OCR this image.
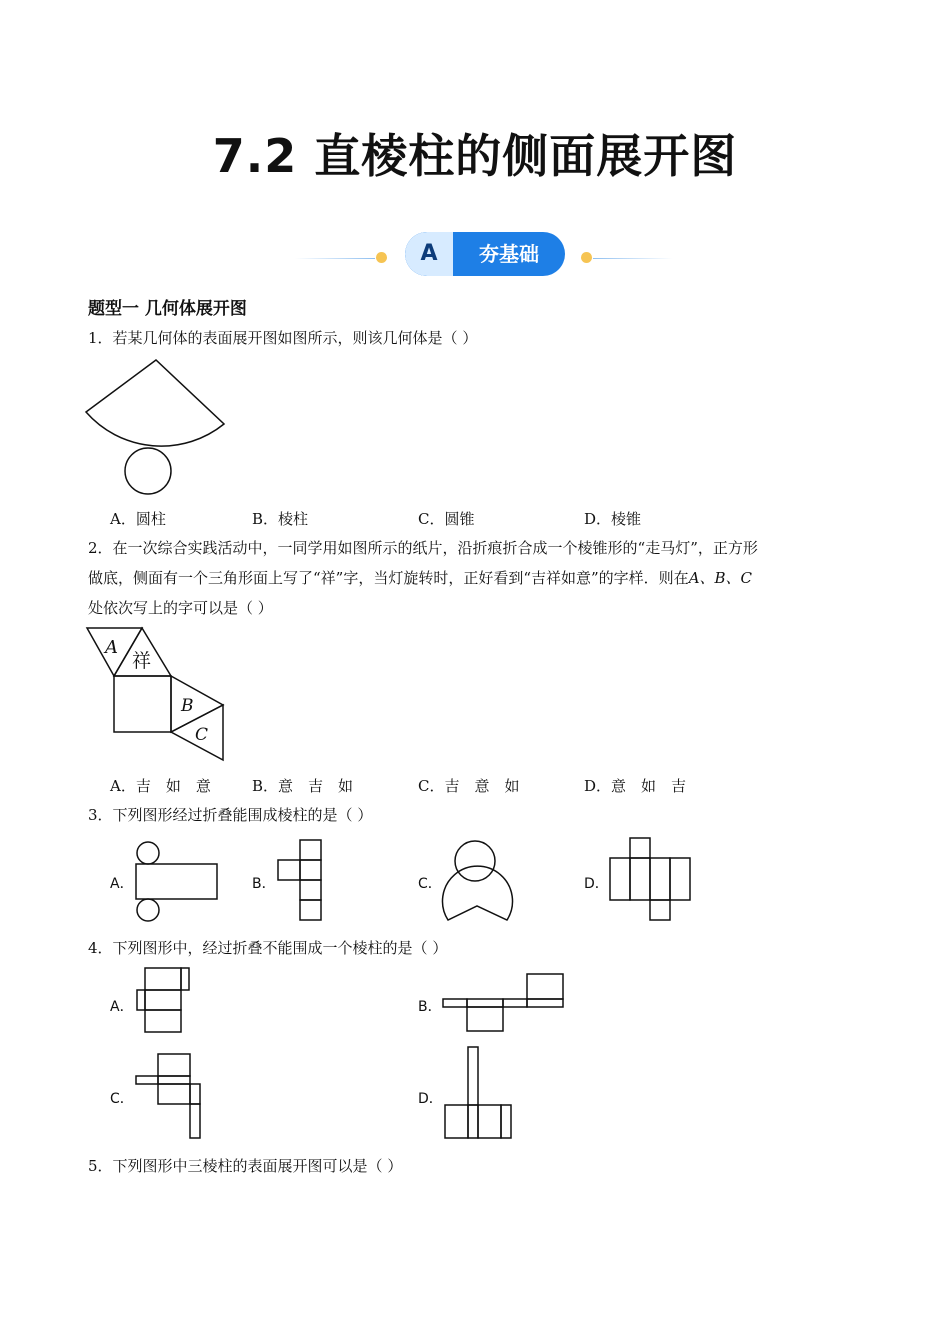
7.2 直棱柱的侧面展开图
A	夯基础
题型一 几何体展开图
1．若某几何体的表面展开图如图所示，则该几何体是（ ）
A．圆柱	B．棱柱	C．圆锥	D．棱锥
2．在一次综合实践活动中，一同学用如图所示的纸片，沿折痕折合成一个棱锥形的“走马灯”，正方形
做底，侧面有一个三角形面上写了“祥”字，当灯旋转时，正好看到“吉祥如意”的字样．则在A、B、C
处依次写上的字可以是（ ）
A
祥
B
C
A．吉　如　意	B．意　吉　如	C．吉　意　如	D．意　如　吉
3．下列图形经过折叠能围成棱柱的是（ ）
A．	B．	C．	D．
4．下列图形中，经过折叠不能围成一个棱柱的是（ ）
A．	B．
C．	D．
5．下列图形中三棱柱的表面展开图可以是（ ）
